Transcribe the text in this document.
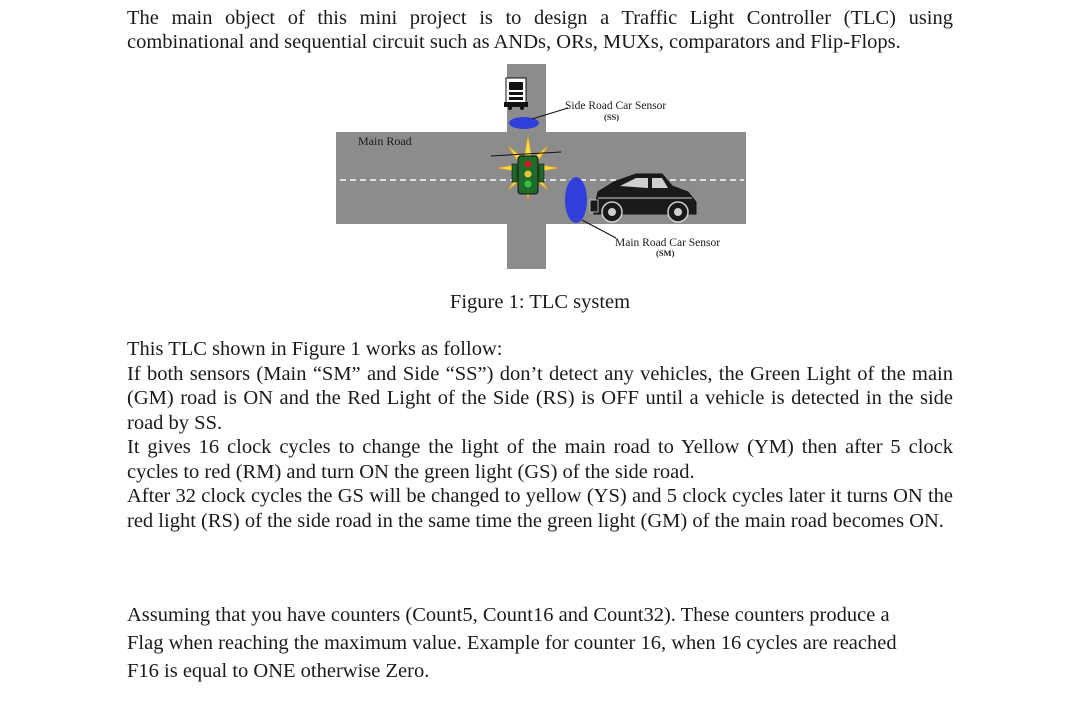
The main object of this mini project is to design a Traffic Light Controller (TLC) using combinational and sequential circuit such as ANDs, ORs, MUXs, comparators and Flip-Flops.

Main Road
Side Road Car Sensor
(SS)
Main Road Car Sensor
(SM)
Figure 1: TLC system

This TLC shown in Figure 1 works as follow:

If both sensors (Main “SM” and Side “SS”) don’t detect any vehicles, the Green Light of the main (GM) road is ON and the Red Light of the Side (RS) is OFF until a vehicle is detected in the side road by SS.

It gives 16 clock cycles to change the light of the main road to Yellow (YM) then after 5 clock cycles to red (RM) and turn ON the green light (GS) of the side road.

After 32 clock cycles the GS will be changed to yellow (YS) and 5 clock cycles later it turns ON the red light (RS) of the side road in the same time the green light (GM) of the main road becomes ON.

Assuming that you have counters (Count5, Count16 and Count32). These counters produce a
Flag when reaching the maximum value. Example for counter 16, when 16 cycles are reached
F16 is equal to ONE otherwise Zero.
